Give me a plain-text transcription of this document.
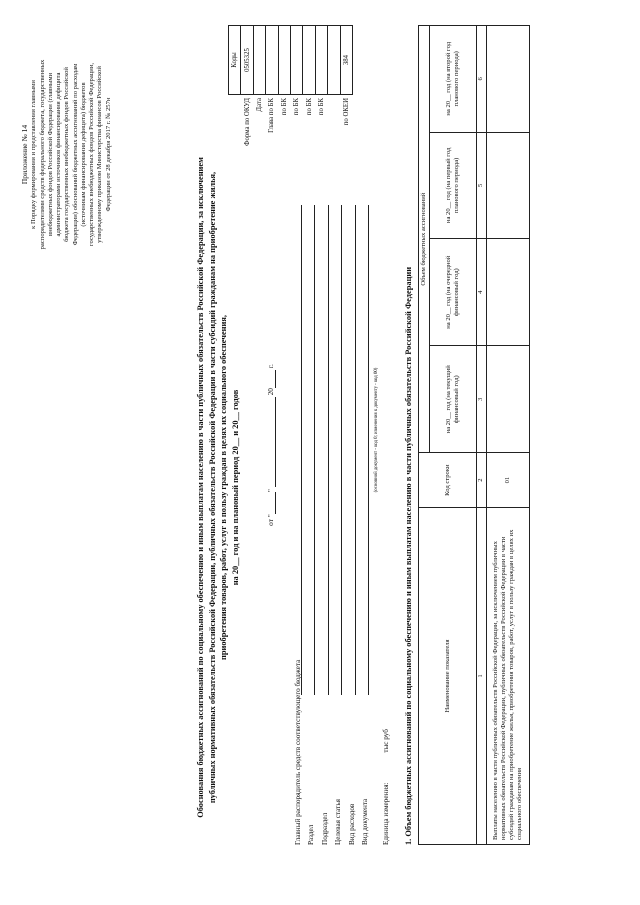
Приложение № 14 к Порядку формирования и представления главными распорядителями средств федерального бюджета, государственных внебюджетных фондов Российской Федерации (главными администраторами источников финансирования дефицита бюджета государственных внебюджетных фондов Российской Федерации) обоснований бюджетных ассигнований по расходам (источникам финансирования дефицита) бюджетов государственных внебюджетных фондов Российской Федерации, утвержденному приказом Министерства финансов Российской Федерации от 28 декабря 2017 г. № 257н
	Коды
Форма по ОКУД	0505325
Дата	
Глава по БК	
по БК	
по БК	
по БК	
по БК	

по ОКЕИ	384
Обоснования бюджетных ассигнований по социальному обеспечению и иным выплатам населению в части публичных обязательств Российской Федерации, за исключением публичных нормативных обязательств Российской Федерации, публичных обязательств Российской Федерации в части субсидий гражданам на приобретение жилья, приобретения товаров, работ, услуг в пользу граждан в целях их социального обеспечения, на 20__ год и на плановый период 20__ и 20__ годов	от " "   20  г.
Главный распорядитель средств соответствующего бюджета Раздел Подраздел Целевая статья Вид расходов Вид документа
(основной документ - код 0; изменения к документу - код 00)
Единица измерения: тыс руб 1. Объем бюджетных ассигнований по социальному обеспечению и иным выплатам населению в части публичных обязательств Российской Федерации	Наименование показателя	Код строки	Объем бюджетных ассигнований			
		на 20__ год (на текущий финансовый год)	на 20__ год (на очередной финансовый год)	на 20__ год (на первый год планового периода)	на 20__ год (на второй год планового периода)
1	2	3	4	5	6
Выплаты населению в части публичных обязательств Российской Федерации, за исключением публичных нормативных обязательств Российской Федерации, публичных обязательств Российской Федерации в части субсидий гражданам на приобретение жилья, приобретения товаров, работ, услуг в пользу граждан в целях их социального обеспечения	01				
